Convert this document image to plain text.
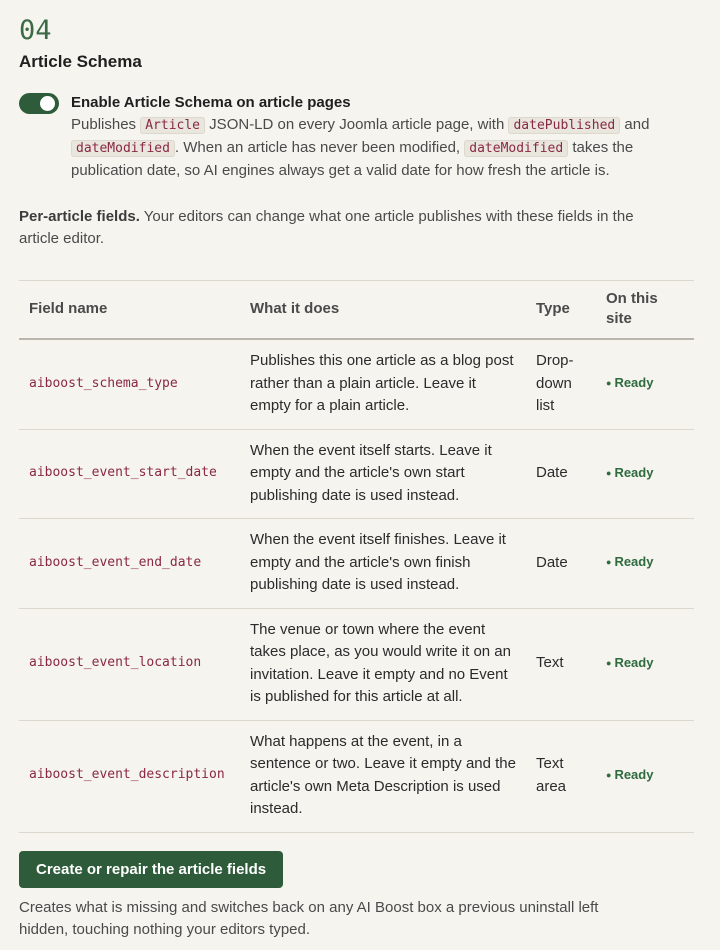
04
Article Schema
Enable Article Schema on article pages
Publishes Article JSON-LD on every Joomla article page, with datePublished and dateModified . When an article has never been modified, dateModified takes the publication date, so AI engines always get a valid date for how fresh the article is.
Per-article fields. Your editors can change what one article publishes with these fields in the article editor.
Field name	What it does	Type	On this site
aiboost_schema_type	Publishes this one article as a blog post rather than a plain article. Leave it empty for a plain article.	Drop-down list	● Ready
aiboost_event_start_date	When the event itself starts. Leave it empty and the article's own start publishing date is used instead.	Date	● Ready
aiboost_event_end_date	When the event itself finishes. Leave it empty and the article's own finish publishing date is used instead.	Date	● Ready
aiboost_event_location	The venue or town where the event takes place, as you would write it on an invitation. Leave it empty and no Event is published for this article at all.	Text	● Ready
aiboost_event_description	What happens at the event, in a sentence or two. Leave it empty and the article's own Meta Description is used instead.	Text area	● Ready
Create or repair the article fields
Creates what is missing and switches back on any AI Boost box a previous uninstall left hidden, touching nothing your editors typed.
